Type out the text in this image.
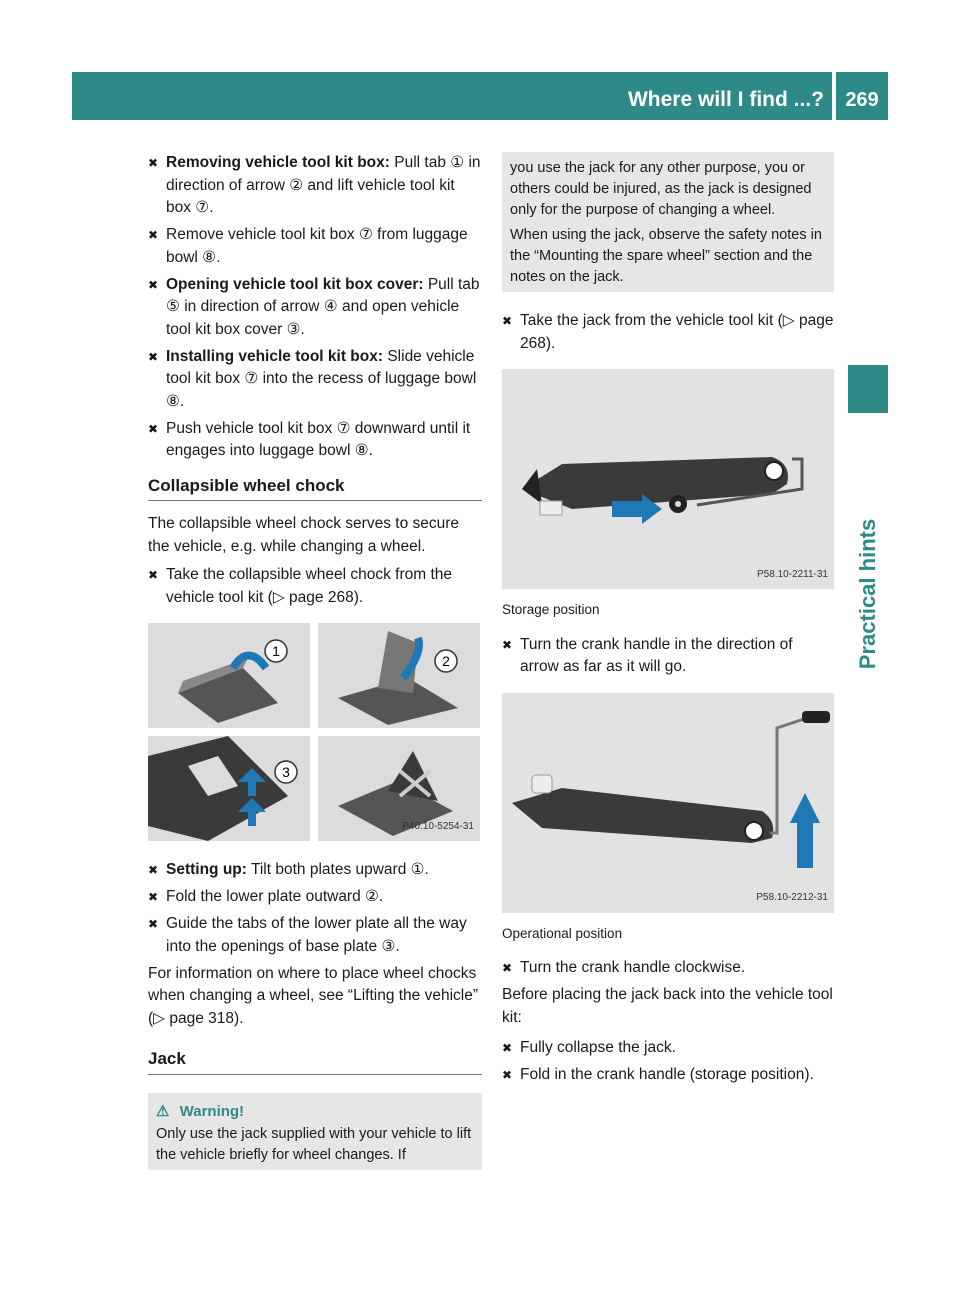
Where will I find ...?	269
Practical hints
✖ Removing vehicle tool kit box: Pull tab ① in direction of arrow ② and lift vehicle tool kit box ⑦.
✖ Remove vehicle tool kit box ⑦ from luggage bowl ⑧.
✖ Opening vehicle tool kit box cover: Pull tab ⑤ in direction of arrow ④ and open vehicle tool kit box cover ③.
✖ Installing vehicle tool kit box: Slide vehicle tool kit box ⑦ into the recess of luggage bowl ⑧.
✖ Push vehicle tool kit box ⑦ downward until it engages into luggage bowl ⑧.
Collapsible wheel chock
The collapsible wheel chock serves to secure the vehicle, e.g. while changing a wheel.
✖ Take the collapsible wheel chock from the vehicle tool kit (▷ page 268).
1
2
3
P40.10-5254-31
✖ Setting up: Tilt both plates upward ①.
✖ Fold the lower plate outward ②.
✖ Guide the tabs of the lower plate all the way into the openings of base plate ③.
For information on where to place wheel chocks when changing a wheel, see “Lifting the vehicle” (▷ page 318).
Jack
⚠ Warning!
Only use the jack supplied with your vehicle to lift the vehicle briefly for wheel changes. If
you use the jack for any other purpose, you or others could be injured, as the jack is designed only for the purpose of changing a wheel.
When using the jack, observe the safety notes in the “Mounting the spare wheel” section and the notes on the jack.
✖ Take the jack from the vehicle tool kit (▷ page 268).
P58.10-2211-31
Storage position
✖ Turn the crank handle in the direction of arrow as far as it will go.
P58.10-2212-31
Operational position
✖ Turn the crank handle clockwise.
Before placing the jack back into the vehicle tool kit:
✖ Fully collapse the jack.
✖ Fold in the crank handle (storage position).
